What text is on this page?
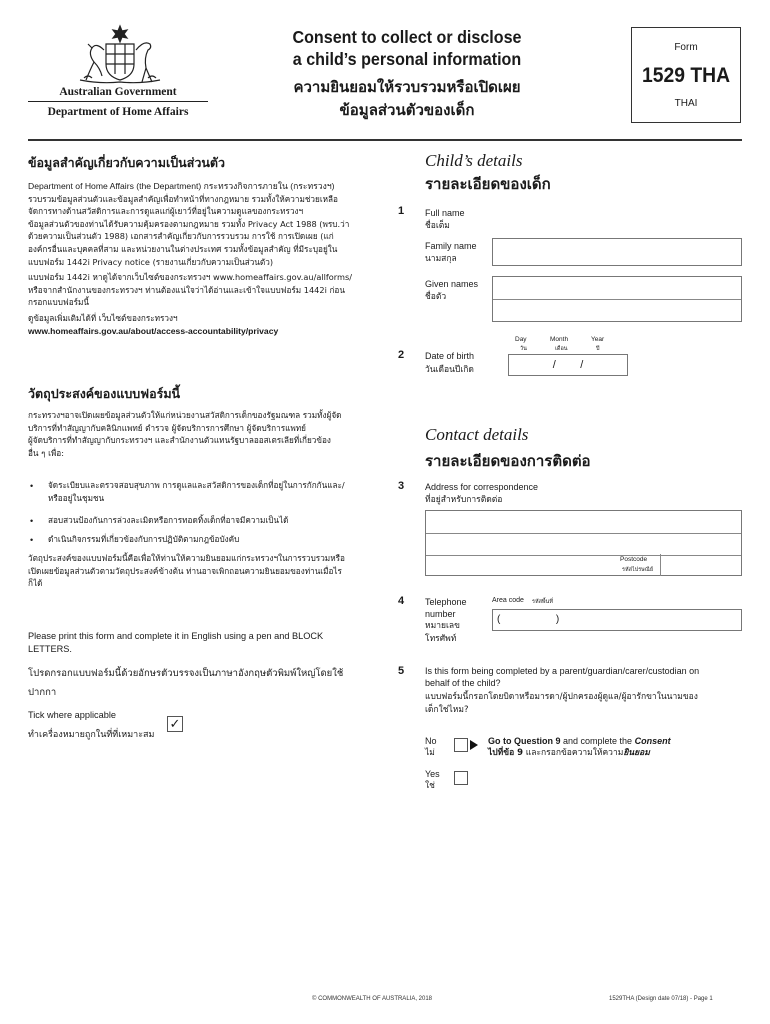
Australian Government
Department of Home Affairs
Consent to collect or disclose
a child’s personal information
ความยินยอมให้รวบรวมหรือเปิดเผย
ข้อมูลส่วนตัวของเด็ก
Form
1529 THA
THAI
ข้อมูลสำคัญเกี่ยวกับความเป็นส่วนตัว
Department of Home Affairs (the Department) กระทรวงกิจการภายใน (กระทรวงฯ)
รวบรวมข้อมูลส่วนตัวและข้อมูลสำคัญเพื่อทำหน้าที่ทางกฎหมาย รวมทั้งให้ความช่วยเหลือ
จัดการทางด้านสวัสดิการและการดูแลแก่ผู้เยาว์ที่อยู่ในความดูแลของกระทรวงฯ
ข้อมูลส่วนตัวของท่านได้รับความคุ้มครองตามกฎหมาย รวมทั้ง Privacy Act 1988 (พรบ.ว่า
ด้วยความเป็นส่วนตัว 1988) เอกสารสำคัญเกี่ยวกับการรวบรวม การใช้ การเปิดเผย (แก่
องค์กรอื่นและบุคคลที่สาม และหน่วยงานในต่างประเทศ รวมทั้งข้อมูลสำคัญ ที่มีระบุอยู่ใน
แบบฟอร์ม 1442i Privacy notice (รายงานเกี่ยวกับความเป็นส่วนตัว)
แบบฟอร์ม 1442i หาดูได้จากเว็บไซต์ของกระทรวงฯ www.homeaffairs.gov.au/allforms/
หรือจากสำนักงานของกระทรวงฯ ท่านต้องแน่ใจว่าได้อ่านและเข้าใจแบบฟอร์ม 1442i ก่อน
กรอกแบบฟอร์มนี้
ดูข้อมูลเพิ่มเติมได้ที่ เว็บไซต์ของกระทรวงฯ
www.homeaffairs.gov.au/about/access-accountability/privacy
วัตถุประสงค์ของแบบฟอร์มนี้
กระทรวงฯอาจเปิดเผยข้อมูลส่วนตัวให้แก่หน่วยงานสวัสดิการเด็กของรัฐมณฑล รวมทั้งผู้จัด
บริการที่ทำสัญญากับคลินิกแพทย์ ตำรวจ ผู้จัดบริการการศึกษา ผู้จัดบริการแพทย์
ผู้จัดบริการที่ทำสัญญากับกระทรวงฯ และสำนักงานตัวแทนรัฐบาลออสเตรเลียที่เกี่ยวข้อง
อื่น ๆ เพื่อ:
• จัดระเบียบและตรวจสอบสุขภาพ การดูแลและสวัสดิการของเด็กที่อยู่ในการกักกันและ/
หรืออยู่ในชุมชน
• สอบสวนป้องกันการล่วงละเมิดหรือการทอดทิ้งเด็กที่อาจมีความเป็นได้
• ดำเนินกิจกรรมที่เกี่ยวข้องกับการปฏิบัติตามกฎข้อบังคับ
วัตถุประสงค์ของแบบฟอร์มนี้คือเพื่อให้ท่านให้ความยินยอมแก่กระทรวงฯในการรวบรวมหรือ
เปิดเผยข้อมูลส่วนตัวตามวัตถุประสงค์ข้างต้น ท่านอาจเพิกถอนความยินยอมของท่านเมื่อไร
ก็ได้
Please print this form and complete it in English using a pen and BLOCK
LETTERS.
โปรดกรอกแบบฟอร์มนี้ด้วยอักษรตัวบรรจงเป็นภาษาอังกฤษตัวพิมพ์ใหญ่โดยใช้
ปากกา
Tick where applicable
ทำเครื่องหมายถูกในที่ที่เหมาะสม
✓
Child’s details
รายละเอียดของเด็ก
1 Full name
ชื่อเต็ม
Family name
นามสกุล
Given names
ชื่อตัว
Day
วัน
Month
เดือน
Year
ปี
2 Date of birth
วันเดือนปีเกิด	/        /
Contact details
รายละเอียดของการติดต่อ
3 Address for correspondence
ที่อยู่สำหรับการติดต่อ
Postcode
รหัสไปรษณีย์
4 Telephone
number
หมายเลข
โทรศัพท์
Area code รหัสพื้นที่
(                    )
5 Is this form being completed by a parent/guardian/carer/custodian on
behalf of the child?
แบบฟอร์มนี้กรอกโดยบิดาหรือมารดา/ผู้ปกครองผู้ดูแล/ผู้อารักขาในนามของ
เด็กใช่ไหม?
No
ไม่
Go to Question 9 and complete the Consent
ไปที่ข้อ 9 และกรอกข้อความให้ความยินยอม
Yes
ใช่
© COMMONWEALTH OF AUSTRALIA, 2018	1529THA (Design date 07/18) - Page 1
